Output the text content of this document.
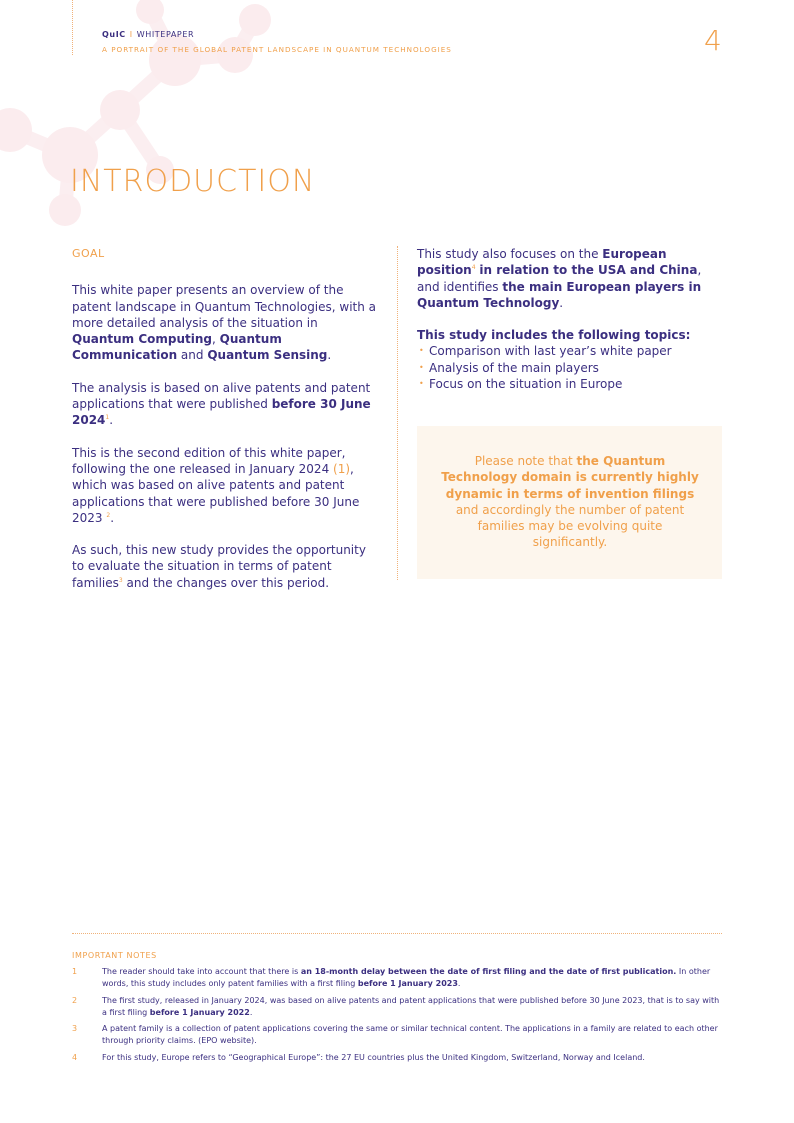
QuIC I WHITEPAPER
A PORTRAIT OF THE GLOBAL PATENT LANDSCAPE IN QUANTUM TECHNOLOGIES	4
INTRODUCTION

GOAL

This white paper presents an overview of the patent landscape in Quantum Technologies, with a more detailed analysis of the situation in Quantum Computing, Quantum Communication and Quantum Sensing.

The analysis is based on alive patents and patent applications that were published before 30 June 2024$^1$.

This is the second edition of this white paper, following the one released in January 2024 (1), which was based on alive patents and patent applications that were published before 30 June 2023 $^2$.

As such, this new study provides the opportunity to evaluate the situation in terms of patent families$^3$ and the changes over this period.

This study also focuses on the European position$^4$ in relation to the USA and China, and identifies the main European players in Quantum Technology.

This study includes the following topics:

• Comparison with last year’s white paper
• Analysis of the main players
• Focus on the situation in Europe
Please note that the Quantum Technology domain is currently highly dynamic in terms of invention filings and accordingly the number of patent families may be evolving quite significantly.
IMPORTANT NOTES
1	The reader should take into account that there is an 18-month delay between the date of first filing and the date of first publication. In other words, this study includes only patent families with a first filing before 1 January 2023.
2	The first study, released in January 2024, was based on alive patents and patent applications that were published before 30 June 2023, that is to say with a first filing before 1 January 2022.
3	A patent family is a collection of patent applications covering the same or similar technical content. The applications in a family are related to each other through priority claims. (EPO website).
4	For this study, Europe refers to “Geographical Europe”: the 27 EU countries plus the United Kingdom, Switzerland, Norway and Iceland.
